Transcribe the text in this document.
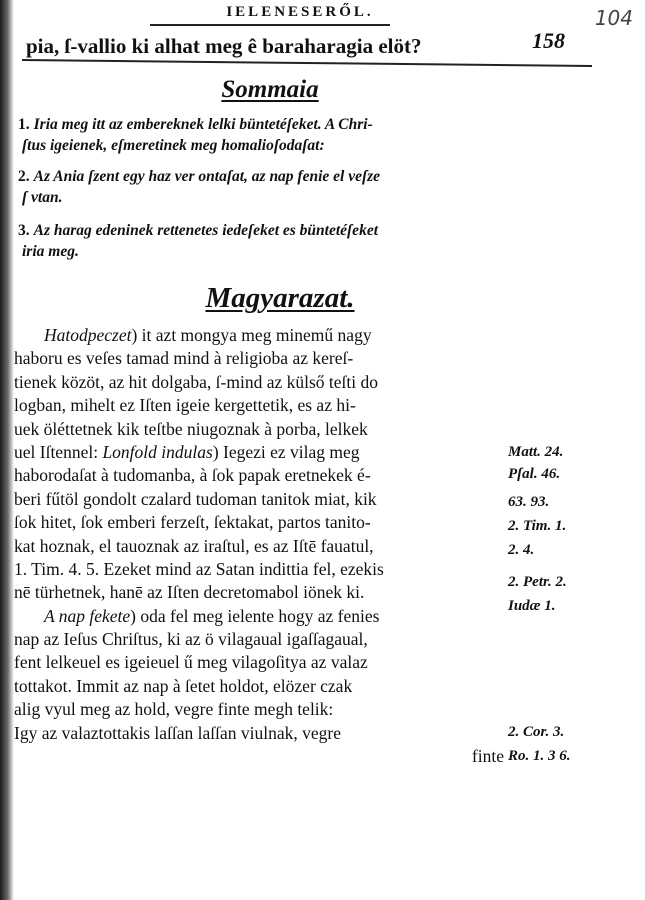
IELENESERŐL.	104
pia, ſ-vallio ki alhat meg ê baraharagia elöt?	158
Sommaia
1. Iria meg itt az embereknek lelki büntetéſeket. A Chri-
ſtus igeienek, eſmeretinek meg homalioſodaſat:
2. Az Ania ſzent egy haz ver ontaſat, az nap fenie el veſze
ſ vtan.
3. Az harag edeninek rettenetes iedeſeket es büntetéſeket
iria meg.
Magyarazat.
Hatodpeczet) it azt mongya meg minemű nagy
haboru es veſes tamad mind à religioba az kereſ-
tienek közöt, az hit dolgaba, ſ-mind az külső teſti do
logban, mihelt ez Iſten igeie kergettetik, es az hi-
uek öléttetnek kik teſtbe niugoznak à porba, lelkek
uel Iſtennel: Lonfold indulas) Iegezi ez vilag meg
haborodaſat à tudomanba, à ſok papak eretnekek é-
beri fűtöl gondolt czalard tudoman tanitok miat, kik
ſok hitet, ſok emberi ferzeſt, ſektakat, partos tanito-
kat hoznak, el tauoznak az iraſtul, es az Iſtē fauatul,
1. Tim. 4. 5. Ezeket mind az Satan indittia fel, ezekis
nē türhetnek, hanē az Iſten decretomabol iönek ki.
A nap fekete) oda fel meg ielente hogy az fenies
nap az Ieſus Chriſtus, ki az ö vilagaual igaſſagaual,
fent lelkeuel es igeieuel ű meg vilagoſitya az valaz
tottakot. Immit az nap à ſetet holdot, elözer czak
alig vyul meg az hold, vegre finte megh telik:
Igy az valaztottakis laſſan laſſan viulnak, vegre
finte
Matt. 24.
Pſal. 46.
63. 93.
2. Tim. 1.
2. 4.
2. Petr. 2.
Iudæ 1.
2. Cor. 3.
Ro. 1. 3 6.
